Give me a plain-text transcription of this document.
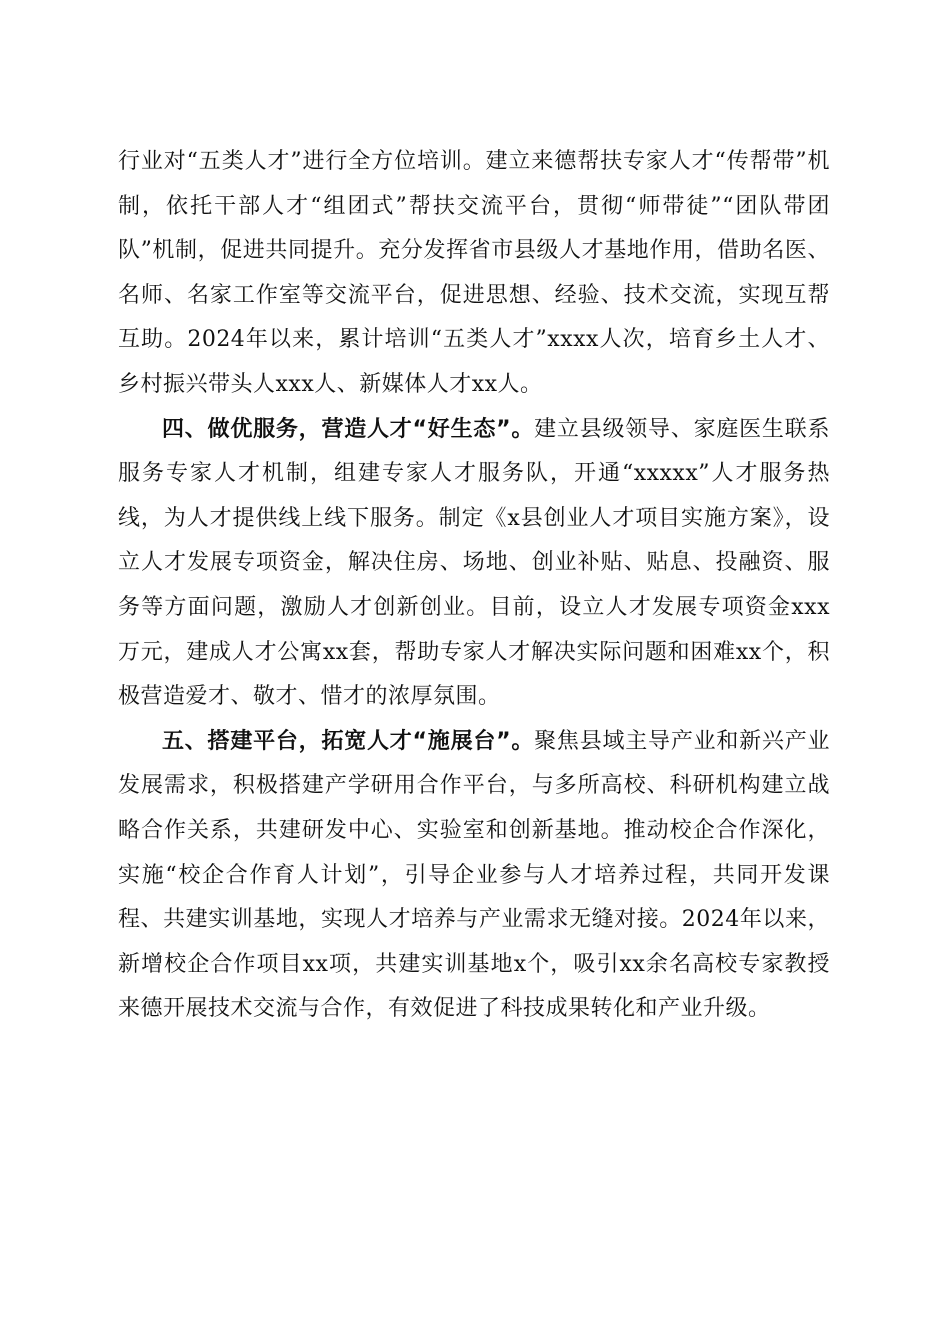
行业对“五类人才”进行全方位培训。建立来德帮扶专家人才“传帮带”机制，依托干部人才“组团式”帮扶交流平台，贯彻“师带徒”“团队带团队”机制，促进共同提升。充分发挥省市县级人才基地作用，借助名医、名师、名家工作室等交流平台，促进思想、经验、技术交流，实现互帮互助。2024年以来，累计培训“五类人才”xxxx人次，培育乡土人才、乡村振兴带头人xxx人、新媒体人才xx人。

四、做优服务，营造人才“好生态”。建立县级领导、家庭医生联系服务专家人才机制，组建专家人才服务队，开通“xxxxx”人才服务热线，为人才提供线上线下服务。制定《x县创业人才项目实施方案》，设立人才发展专项资金，解决住房、场地、创业补贴、贴息、投融资、服务等方面问题，激励人才创新创业。目前，设立人才发展专项资金xxx万元，建成人才公寓xx套，帮助专家人才解决实际问题和困难xx个，积极营造爱才、敬才、惜才的浓厚氛围。

五、搭建平台，拓宽人才“施展台”。聚焦县域主导产业和新兴产业发展需求，积极搭建产学研用合作平台，与多所高校、科研机构建立战略合作关系，共建研发中心、实验室和创新基地。推动校企合作深化，实施“校企合作育人计划”，引导企业参与人才培养过程，共同开发课程、共建实训基地，实现人才培养与产业需求无缝对接。2024年以来，新增校企合作项目xx项，共建实训基地x个，吸引xx余名高校专家教授来德开展技术交流与合作，有效促进了科技成果转化和产业升级。
